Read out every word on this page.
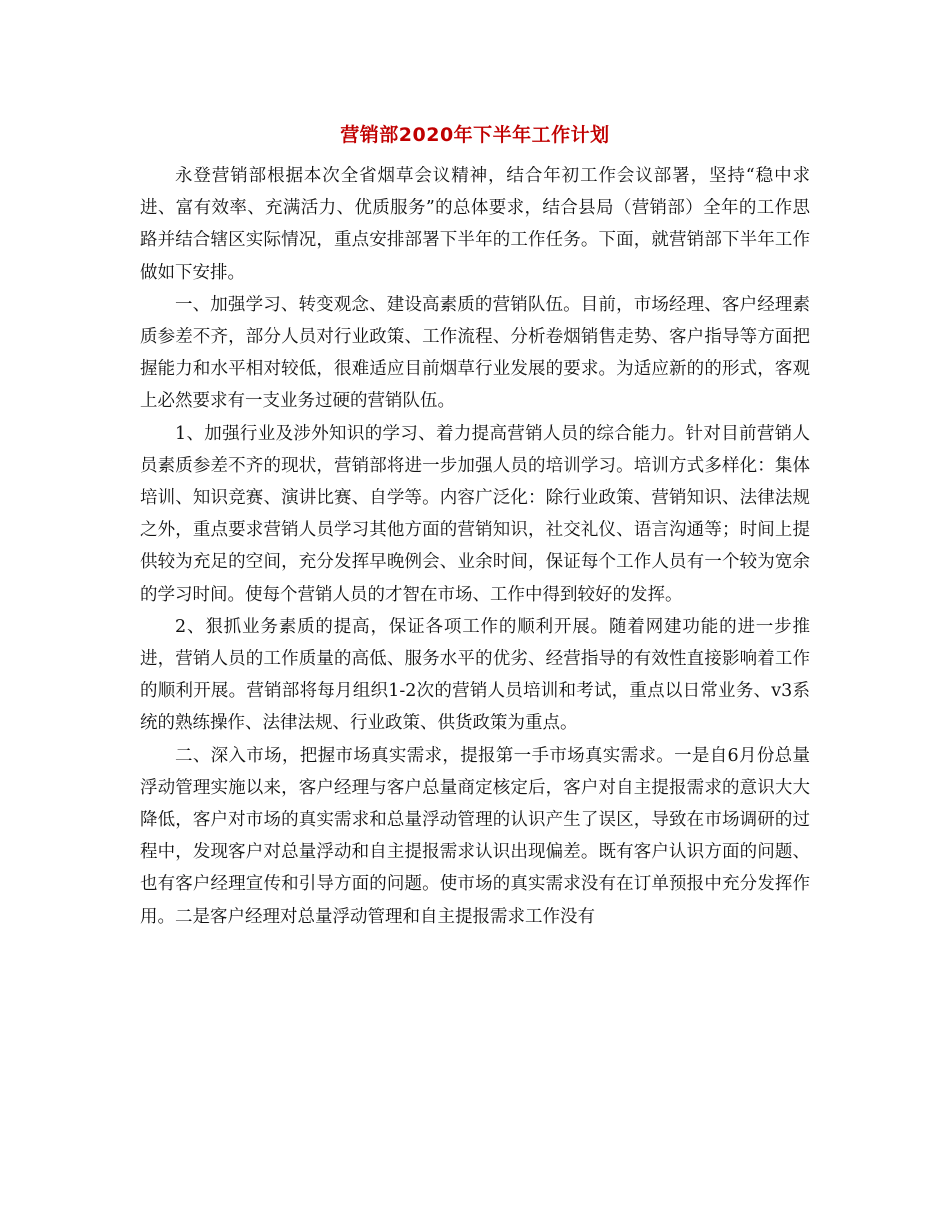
营销部2020年下半年工作计划

永登营销部根据本次全省烟草会议精神，结合年初工作会议部署，坚持“稳中求进、富有效率、充满活力、优质服务”的总体要求，结合县局（营销部）全年的工作思路并结合辖区实际情况，重点安排部署下半年的工作任务。下面，就营销部下半年工作做如下安排。

一、加强学习、转变观念、建设高素质的营销队伍。目前，市场经理、客户经理素质参差不齐，部分人员对行业政策、工作流程、分析卷烟销售走势、客户指导等方面把握能力和水平相对较低，很难适应目前烟草行业发展的要求。为适应新的的形式，客观上必然要求有一支业务过硬的营销队伍。

1、加强行业及涉外知识的学习、着力提高营销人员的综合能力。针对目前营销人员素质参差不齐的现状，营销部将进一步加强人员的培训学习。培训方式多样化：集体培训、知识竞赛、演讲比赛、自学等。内容广泛化：除行业政策、营销知识、法律法规之外，重点要求营销人员学习其他方面的营销知识，社交礼仪、语言沟通等；时间上提供较为充足的空间，充分发挥早晚例会、业余时间，保证每个工作人员有一个较为宽余的学习时间。使每个营销人员的才智在市场、工作中得到较好的发挥。

2、狠抓业务素质的提高，保证各项工作的顺利开展。随着网建功能的进一步推进，营销人员的工作质量的高低、服务水平的优劣、经营指导的有效性直接影响着工作的顺利开展。营销部将每月组织1-2次的营销人员培训和考试，重点以日常业务、v3系统的熟练操作、法律法规、行业政策、供货政策为重点。

二、深入市场，把握市场真实需求，提报第一手市场真实需求。一是自6月份总量浮动管理实施以来，客户经理与客户总量商定核定后，客户对自主提报需求的意识大大降低，客户对市场的真实需求和总量浮动管理的认识产生了误区，导致在市场调研的过程中，发现客户对总量浮动和自主提报需求认识出现偏差。既有客户认识方面的问题、也有客户经理宣传和引导方面的问题。使市场的真实需求没有在订单预报中充分发挥作用。二是客户经理对总量浮动管理和自主提报需求工作没有
